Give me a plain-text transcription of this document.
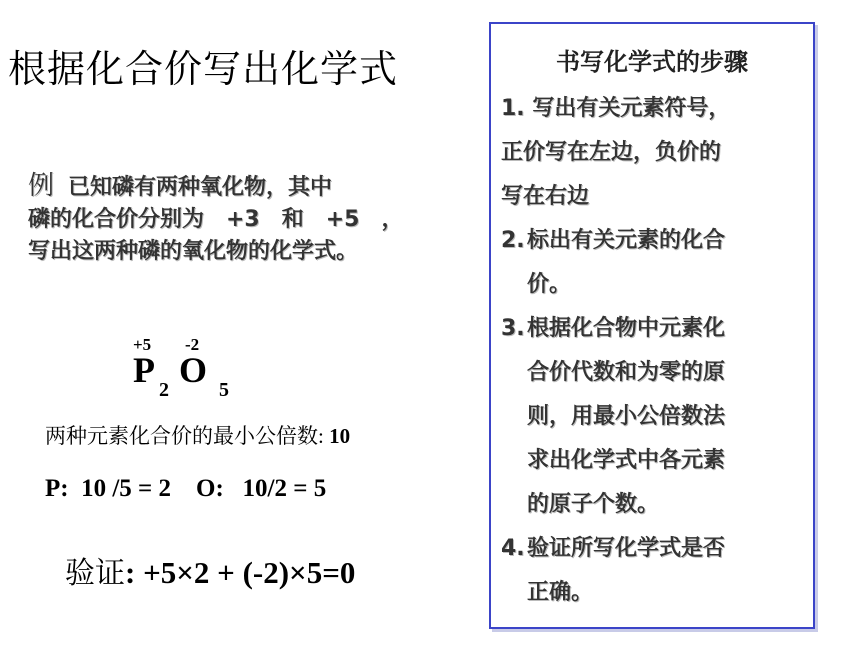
根据化合价写出化学式
例 已知磷有两种氧化物，其中
磷的化合价分别为　+3　和　+5　，
写出这两种磷的氧化物的化学式。
+5 -2
P 2 O 5
两种元素化合价的最小公倍数: 10
P:  10 /5 = 2    O:   10/2 = 5
验证: +5×2 + (-2)×5=0
书写化学式的步骤
1. 写出有关元素符号，
正价写在左边，负价的
写在右边
2. 标出有关元素的化合
价。
3. 根据化合物中元素化
合价代数和为零的原
则，用最小公倍数法
求出化学式中各元素
的原子个数。
4. 验证所写化学式是否
正确。
